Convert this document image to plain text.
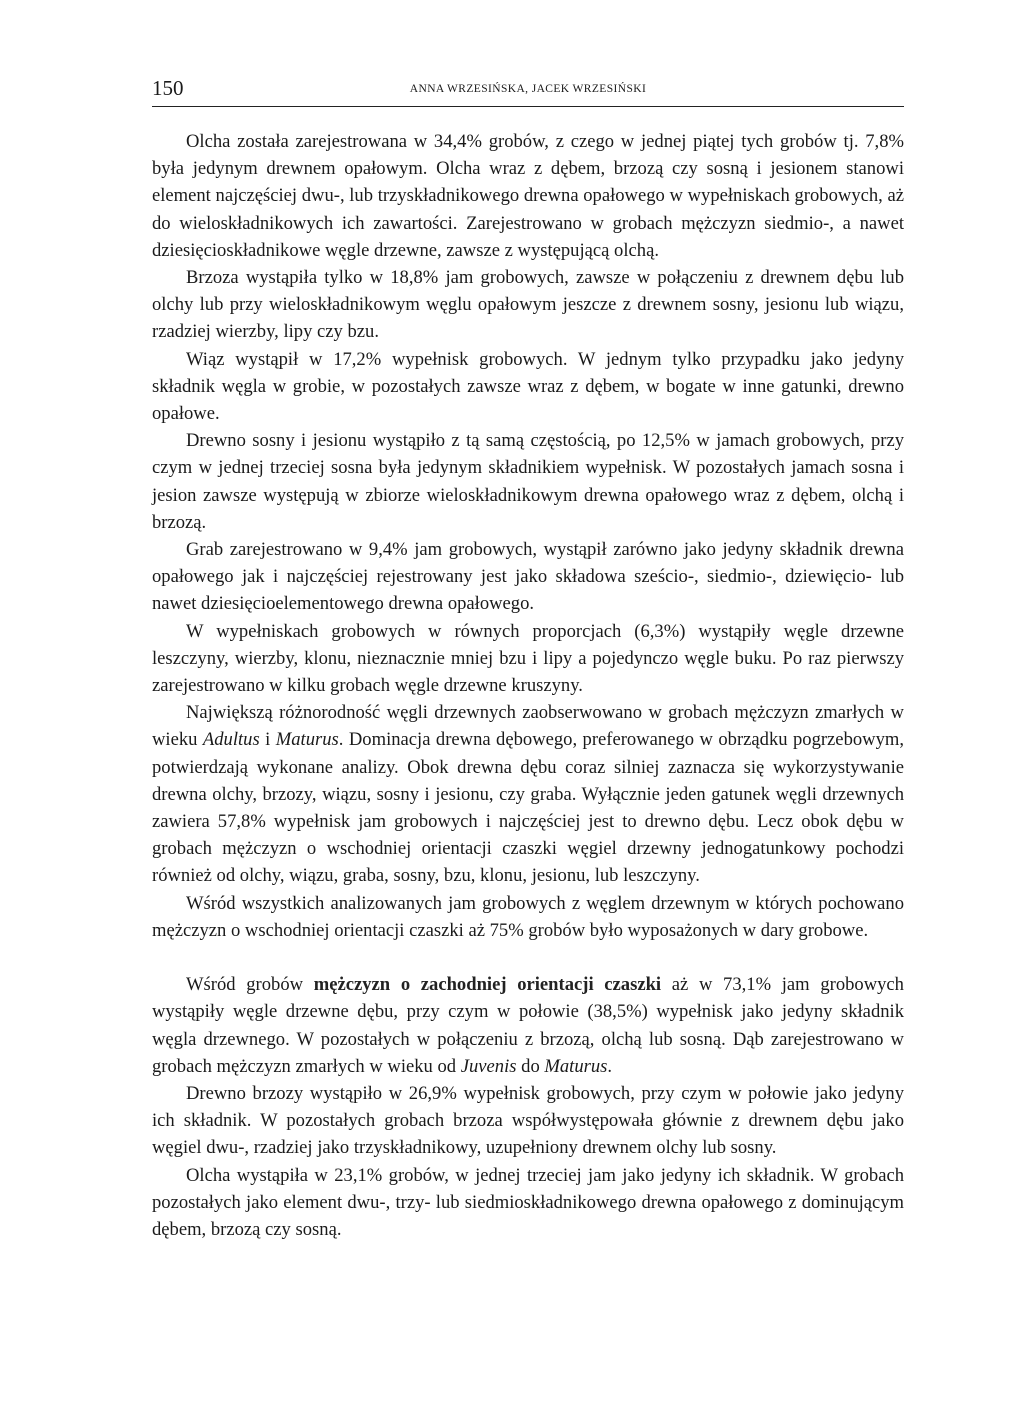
150	ANNA WRZESIŃSKA, JACEK WRZESIŃSKI

Olcha została zarejestrowana w 34,4% grobów, z czego w jednej piątej tych grobów tj. 7,8% była jedynym drewnem opałowym. Olcha wraz z dębem, brzozą czy sosną i jesionem stanowi element najczęściej dwu-, lub trzyskładnikowego drewna opałowego w wypełniskach grobowych, aż do wieloskładnikowych ich zawartości. Zarejestrowano w grobach mężczyzn siedmio-, a nawet dziesięcioskładnikowe węgle drzewne, zawsze z występującą olchą.

Brzoza wystąpiła tylko w 18,8% jam grobowych, zawsze w połączeniu z drewnem dębu lub olchy lub przy wieloskładnikowym węglu opałowym jeszcze z drewnem sosny, jesionu lub wiązu, rzadziej wierzby, lipy czy bzu.

Wiąz wystąpił w 17,2% wypełnisk grobowych. W jednym tylko przypadku jako jedyny składnik węgla w grobie, w pozostałych zawsze wraz z dębem, w bogate w inne gatunki, drewno opałowe.

Drewno sosny i jesionu wystąpiło z tą samą częstością, po 12,5% w jamach grobowych, przy czym w jednej trzeciej sosna była jedynym składnikiem wypełnisk. W pozostałych jamach sosna i jesion zawsze występują w zbiorze wieloskładnikowym drewna opałowego wraz z dębem, olchą i brzozą.

Grab zarejestrowano w 9,4% jam grobowych, wystąpił zarówno jako jedyny składnik drewna opałowego jak i najczęściej rejestrowany jest jako składowa sześcio-, siedmio-, dziewięcio- lub nawet dziesięcioelementowego drewna opałowego.

W wypełniskach grobowych w równych proporcjach (6,3%) wystąpiły węgle drzewne leszczyny, wierzby, klonu, nieznacznie mniej bzu i lipy a pojedynczo węgle buku. Po raz pierwszy zarejestrowano w kilku grobach węgle drzewne kruszyny.

Największą różnorodność węgli drzewnych zaobserwowano w grobach mężczyzn zmarłych w wieku Adultus i Maturus. Dominacja drewna dębowego, preferowanego w obrządku pogrzebowym, potwierdzają wykonane analizy. Obok drewna dębu coraz silniej zaznacza się wykorzystywanie drewna olchy, brzozy, wiązu, sosny i jesionu, czy graba. Wyłącznie jeden gatunek węgli drzewnych zawiera 57,8% wypełnisk jam grobowych i najczęściej jest to drewno dębu. Lecz obok dębu w grobach mężczyzn o wschodniej orientacji czaszki węgiel drzewny jednogatunkowy pochodzi również od olchy, wiązu, graba, sosny, bzu, klonu, jesionu, lub leszczyny.

Wśród wszystkich analizowanych jam grobowych z węglem drzewnym w których pochowano mężczyzn o wschodniej orientacji czaszki aż 75% grobów było wyposażonych w dary grobowe.

Wśród grobów mężczyzn o zachodniej orientacji czaszki aż w 73,1% jam grobowych wystąpiły węgle drzewne dębu, przy czym w połowie (38,5%) wypełnisk jako jedyny składnik węgla drzewnego. W pozostałych w połączeniu z brzozą, olchą lub sosną. Dąb zarejestrowano w grobach mężczyzn zmarłych w wieku od Juvenis do Maturus.

Drewno brzozy wystąpiło w 26,9% wypełnisk grobowych, przy czym w połowie jako jedyny ich składnik. W pozostałych grobach brzoza współwystępowała głównie z drewnem dębu jako węgiel dwu-, rzadziej jako trzyskładnikowy, uzupełniony drewnem olchy lub sosny.

Olcha wystąpiła w 23,1% grobów, w jednej trzeciej jam jako jedyny ich składnik. W grobach pozostałych jako element dwu-, trzy- lub siedmioskładnikowego drewna opałowego z dominującym dębem, brzozą czy sosną.
